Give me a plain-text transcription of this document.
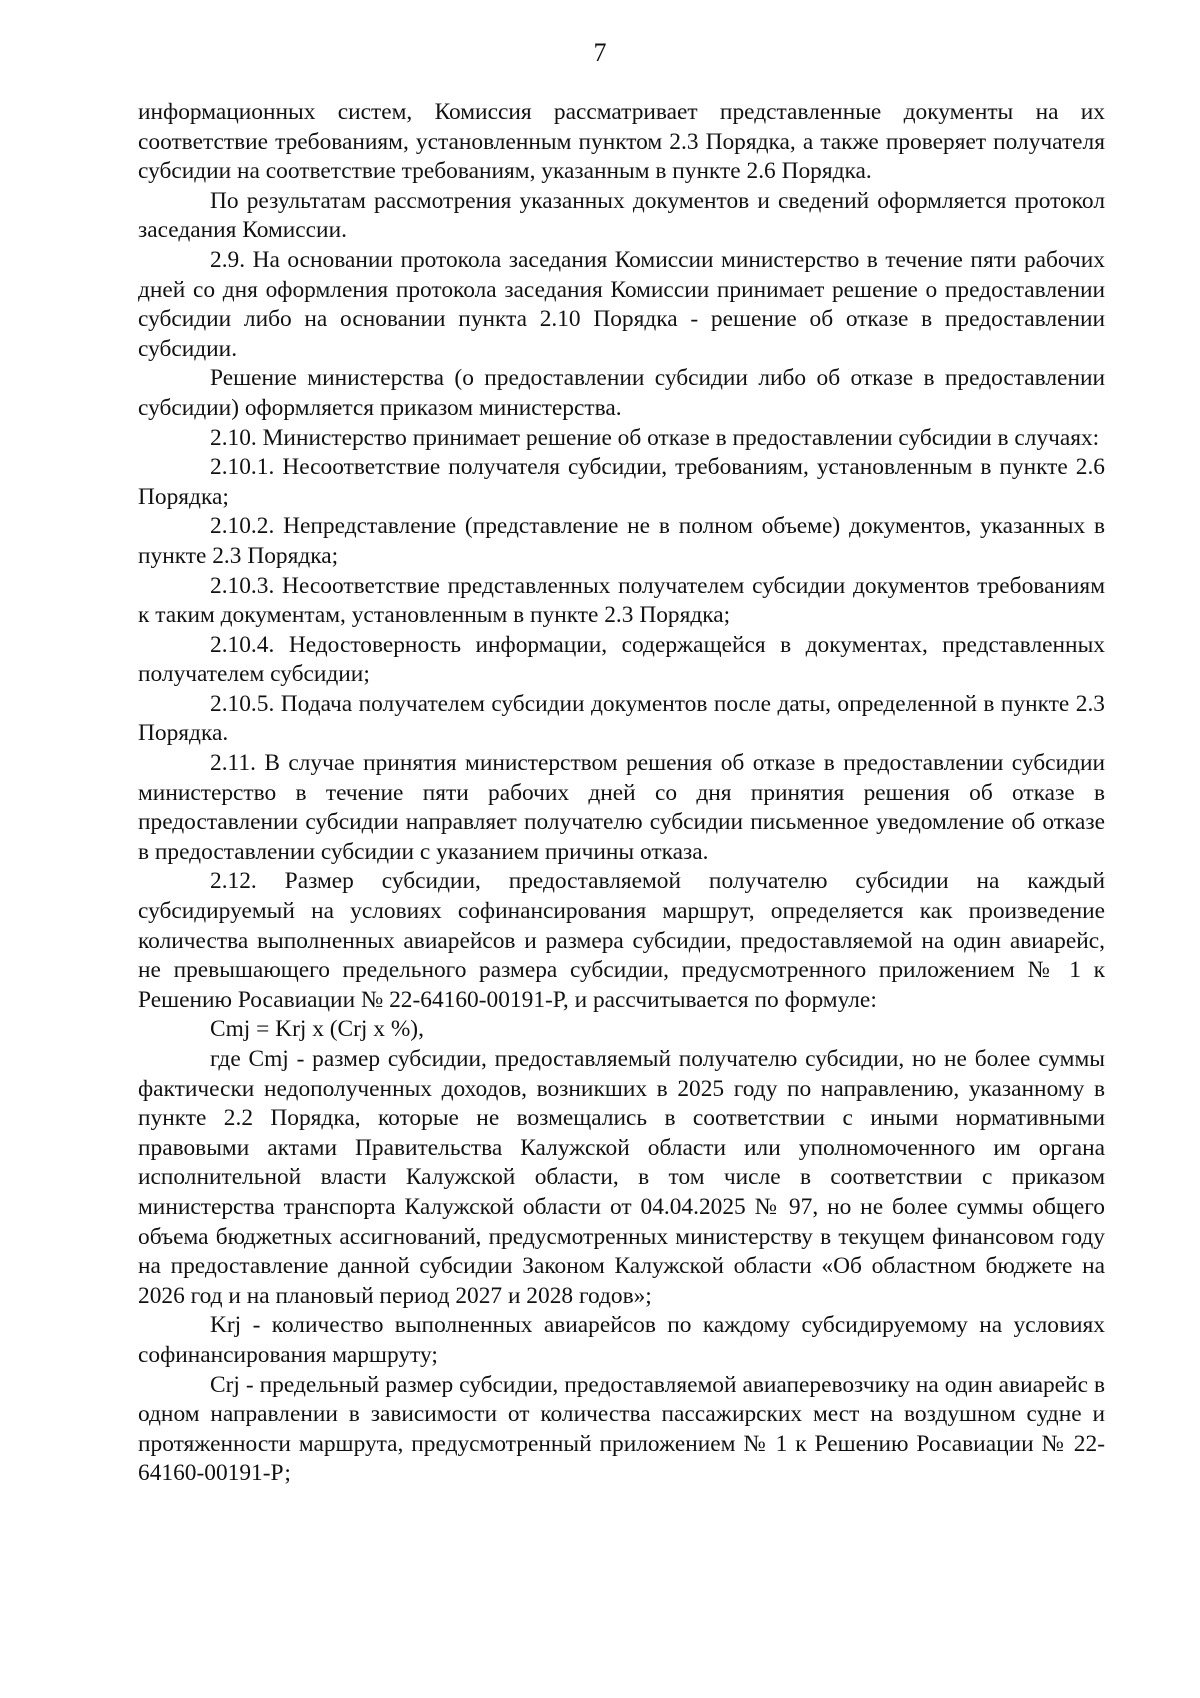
7

информационных систем, Комиссия рассматривает представленные документы на их соответствие требованиям, установленным пунктом 2.3 Порядка, а также проверяет получателя субсидии на соответствие требованиям, указанным в пункте 2.6 Порядка.

По результатам рассмотрения указанных документов и сведений оформляется протокол заседания Комиссии.

2.9. На основании протокола заседания Комиссии министерство в течение пяти рабочих дней со дня оформления протокола заседания Комиссии принимает решение о предоставлении субсидии либо на основании пункта 2.10 Порядка - решение об отказе в предоставлении субсидии.

Решение министерства (о предоставлении субсидии либо об отказе в предоставлении субсидии) оформляется приказом министерства.

2.10. Министерство принимает решение об отказе в предоставлении субсидии в случаях:

2.10.1. Несоответствие получателя субсидии, требованиям, установленным в пункте 2.6 Порядка;

2.10.2. Непредставление (представление не в полном объеме) документов, указанных в пункте 2.3 Порядка;

2.10.3. Несоответствие представленных получателем субсидии документов требованиям к таким документам, установленным в пункте 2.3 Порядка;

2.10.4. Недостоверность информации, содержащейся в документах, представленных получателем субсидии;

2.10.5. Подача получателем субсидии документов после даты, определенной в пункте 2.3 Порядка.

2.11. В случае принятия министерством решения об отказе в предоставлении субсидии министерство в течение пяти рабочих дней со дня принятия решения об отказе в предоставлении субсидии направляет получателю субсидии письменное уведомление об отказе в предоставлении субсидии с указанием причины отказа.

2.12. Размер субсидии, предоставляемой получателю субсидии на каждый субсидируемый на условиях софинансирования маршрут, определяется как произведение количества выполненных авиарейсов и размера субсидии, предоставляемой на один авиарейс, не превышающего предельного размера субсидии, предусмотренного приложением № 1 к Решению Росавиации № 22-64160-00191-Р, и рассчитывается по формуле:

Cmj = Krj x (Crj x %),

где Cmj - размер субсидии, предоставляемый получателю субсидии, но не более суммы фактически недополученных доходов, возникших в 2025 году по направлению, указанному в пункте 2.2 Порядка, которые не возмещались в соответствии с иными нормативными правовыми актами Правительства Калужской области или уполномоченного им органа исполнительной власти Калужской области, в том числе в соответствии с приказом министерства транспорта Калужской области от 04.04.2025 № 97, но не более суммы общего объема бюджетных ассигнований, предусмотренных министерству в текущем финансовом году на предоставление данной субсидии Законом Калужской области «Об областном бюджете на 2026 год и на плановый период 2027 и 2028 годов»;

Krj - количество выполненных авиарейсов по каждому субсидируемому на условиях софинансирования маршруту;

Crj - предельный размер субсидии, предоставляемой авиаперевозчику на один авиарейс в одном направлении в зависимости от количества пассажирских мест на воздушном судне и протяженности маршрута, предусмотренный приложением № 1 к Решению Росавиации № 22-64160-00191-Р;
